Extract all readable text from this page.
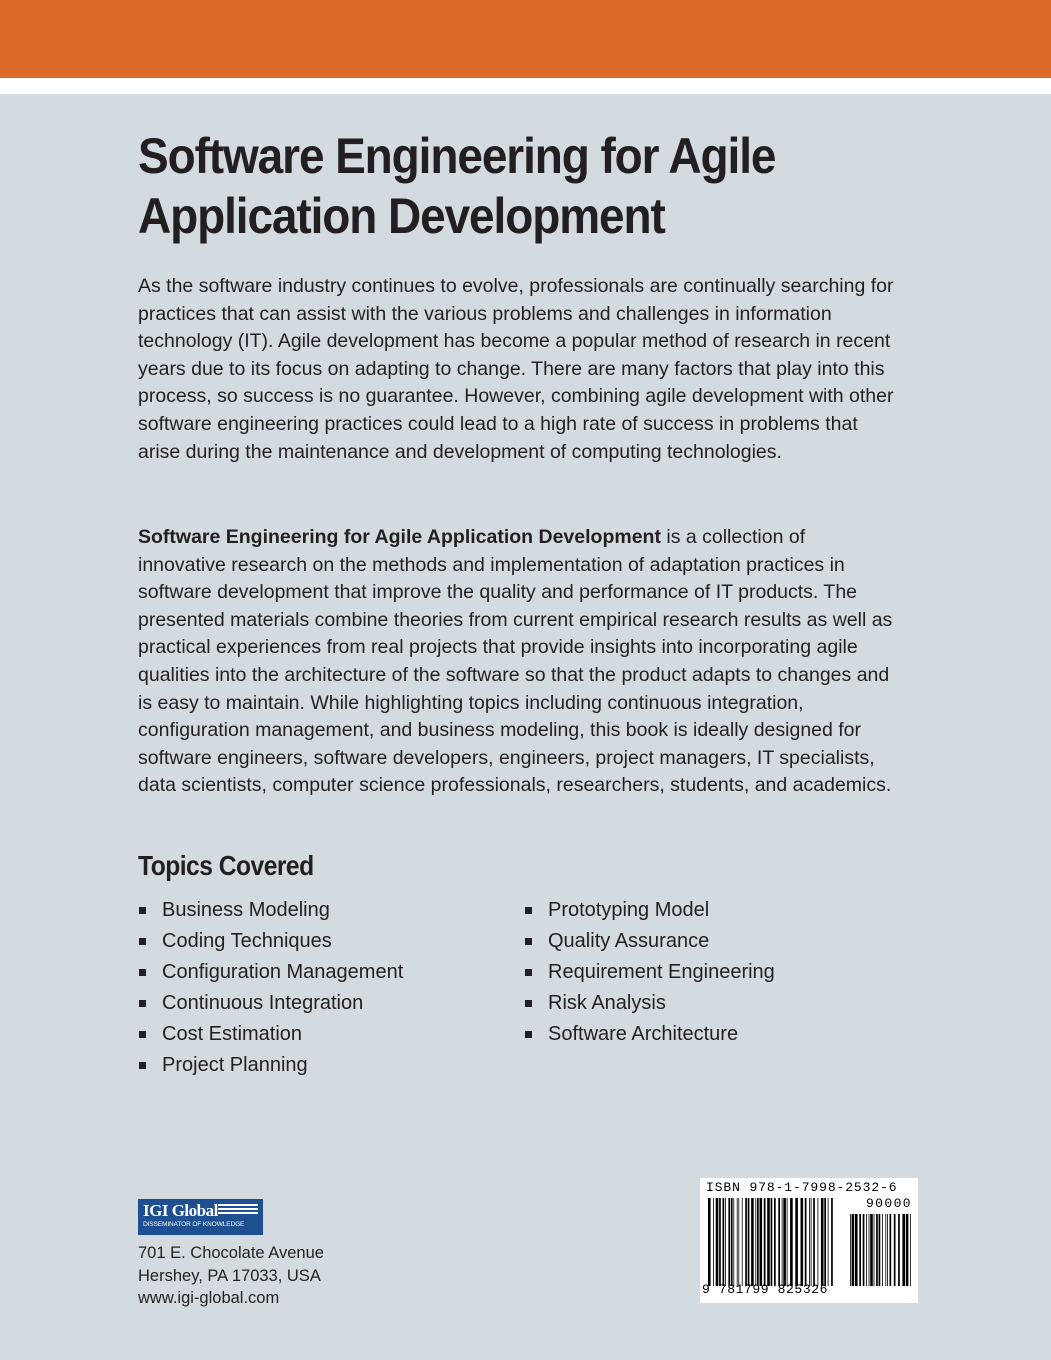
Software Engineering for Agile
Application Development

As the software industry continues to evolve, professionals are continually searching for practices that can assist with the various problems and challenges in information technology (IT). Agile development has become a popular method of research in recent years due to its focus on adapting to change. There are many factors that play into this process, so success is no guarantee. However, combining agile development with other software engineering practices could lead to a high rate of success in problems that arise during the maintenance and development of computing technologies.

Software Engineering for Agile Application Development is a collection of innovative research on the methods and implementation of adaptation practices in software development that improve the quality and performance of IT products. The presented materials combine theories from current empirical research results as well as practical experiences from real projects that provide insights into incorporating agile qualities into the architecture of the software so that the product adapts to changes and is easy to maintain. While highlighting topics including continuous integration, configuration management, and business modeling, this book is ideally designed for software engineers, software developers, engineers, project managers, IT specialists, data scientists, computer science professionals, researchers, students, and academics.

Topics Covered
Business Modeling
Coding Techniques
Configuration Management
Continuous Integration
Cost Estimation
Project Planning
Prototyping Model
Quality Assurance
Requirement Engineering
Risk Analysis
Software Architecture
IGI Global
DISSEMINATOR OF KNOWLEDGE
701 E. Chocolate Avenue
Hershey, PA 17033, USA
www.igi-global.com
ISBN 978-1-7998-2532-6
90000
9 781799 825326
